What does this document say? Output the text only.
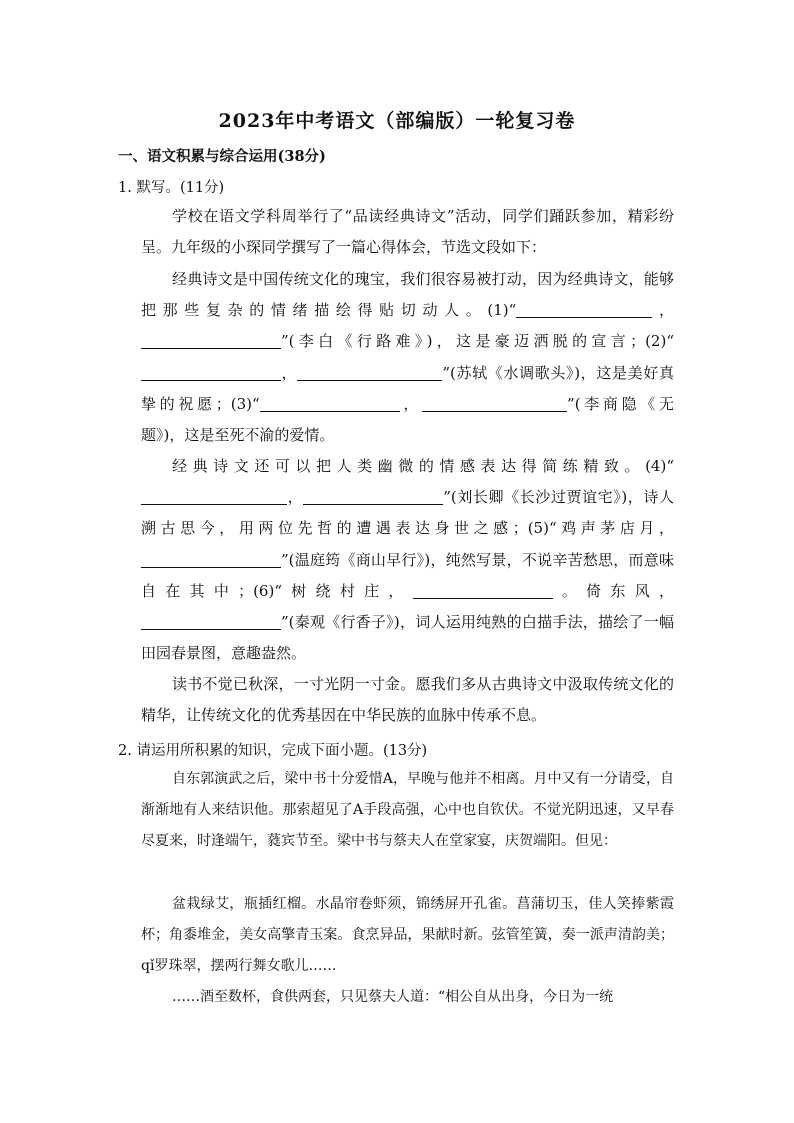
2023年中考语文（部编版）一轮复习卷
一、语文积累与综合运用(38分)
1. 默写。(11分)
学校在语文学科周举行了“品读经典诗文”活动，同学们踊跃参加，精彩纷呈。九年级的小琛同学撰写了一篇心得体会，节选文段如下：
经典诗文是中国传统文化的瑰宝，我们很容易被打动，因为经典诗文，能够把那些复杂的情绪描绘得贴切动人。(1)“	，”(李白《行路难》)，这是豪迈洒脱的宣言；(2)“，	”(苏轼《水调歌头》)，这是美好真挚的祝愿；(3)“	，	”(李商隐《无题》)，这是至死不渝的爱情。
经典诗文还可以把人类幽微的情感表达得简练精致。(4)“，	”(刘长卿《长沙过贾谊宅》)，诗人溯古思今，用两位先哲的遭遇表达身世之感；(5)“鸡声茅店月，”(温庭筠《商山早行》)，纯然写景，不说辛苦愁思，而意味自在其中；(6)“树绕村庄，	。倚东风，”(秦观《行香子》)，词人运用纯熟的白描手法，描绘了一幅田园春景图，意趣盎然。
读书不觉已秋深，一寸光阴一寸金。愿我们多从古典诗文中汲取传统文化的精华，让传统文化的优秀基因在中华民族的血脉中传承不息。
2. 请运用所积累的知识，完成下面小题。(13分)
自东郭演武之后，梁中书十分爱惜A，早晚与他并不相离。月中又有一分请受，自渐渐地有人来结识他。那索超见了A手段高强，心中也自钦伏。不觉光阴迅速，又早春尽夏来，时逢端午，蕤宾节至。梁中书与蔡夫人在堂家宴，庆贺端阳。但见：
盆栽绿艾，瓶插红榴。水晶帘卷虾须，锦绣屏开孔雀。菖蒲切玉，佳人笑捧紫霞杯；角黍堆金，美女高擎青玉案。食烹异品，果献时新。弦管笙簧，奏一派声清韵美；qǐ罗珠翠，摆两行舞女歌儿……
……酒至数杯，食供两套，只见蔡夫人道：“相公自从出身，今日为一统
